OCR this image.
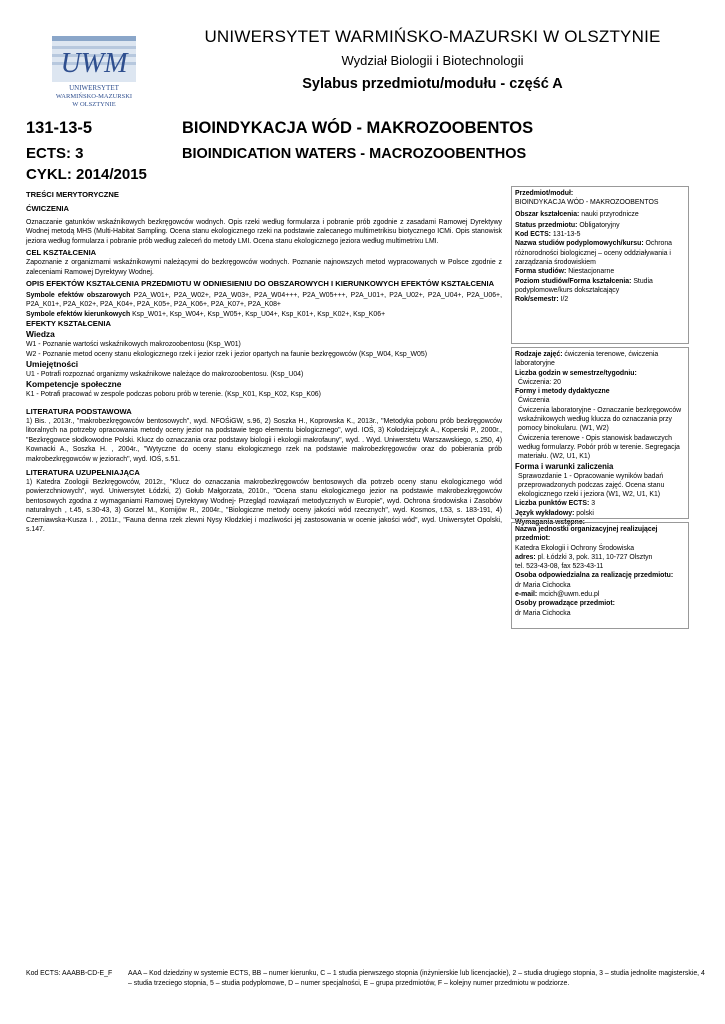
UWM
UNIWERSYTET
WARMIŃSKO-MAZURSKI
W OLSZTYNIE
UNIWERSYTET WARMIŃSKO-MAZURSKI W OLSZTYNIE
Wydział Biologii i Biotechnologii
Sylabus przedmiotu/modułu - część A
131-13-5
ECTS: 3
CYKL: 2014/2015
BIOINDYKACJA WÓD - MAKROZOOBENTOS
BIOINDICATION WATERS - MACROZOOBENTHOS
TREŚCI MERYTORYCZNE
ĆWICZENIA

Oznaczanie gatunków wskaźnikowych bezkręgowców wodnych. Opis rzeki według formularza i pobranie prób zgodnie z zasadami Ramowej Dyrektywy Wodnej metodą MHS (Multi-Habitat Sampling. Ocena stanu ekologicznego rzeki na podstawie zalecanego multimetrikisu biotycznego ICMi. Opis stanowisk jeziora według formularza i pobranie prób według zaleceń do metody LMI. Ocena stanu ekologicznego jeziora według multimetrixu LMI.

CEL KSZTAŁCENIA

Zapoznanie z organizmami wskaźnikowymi należącymi do bezkręgowców wodnych. Poznanie najnowszych metod wypracowanych w Polsce zgodnie z zaleceniami Ramowej Dyrektywy Wodnej.

OPIS EFEKTÓW KSZTAŁCENIA PRZEDMIOTU W ODNIESIENIU DO OBSZAROWYCH I KIERUNKOWYCH EFEKTÓW KSZTAŁCENIA

Symbole efektów obszarowych P2A_W01+, P2A_W02+, P2A_W03+, P2A_W04+++, P2A_W05+++, P2A_U01+, P2A_U02+, P2A_U04+, P2A_U06+, P2A_K01+, P2A_K02+, P2A_K04+, P2A_K05+, P2A_K06+, P2A_K07+, P2A_K08+

Symbole efektów kierunkowych Ksp_W01+, Ksp_W04+, Ksp_W05+, Ksp_U04+, Ksp_K01+, Ksp_K02+, Ksp_K06+

EFEKTY KSZTAŁCENIA
Wiedza

W1 - Poznanie wartości wskaźnikowych makrozoobentosu (Ksp_W01)

W2 - Poznanie metod oceny stanu ekologicznego rzek i jezior rzek i jezior opartych na faunie bezkręgowców (Ksp_W04, Ksp_W05)

Umiejętności

U1 - Potrafi rozpoznać organizmy wskaźnikowe należące do makrozoobentosu. (Ksp_U04)

Kompetencje społeczne

K1 - Potrafi pracować w zespole podczas poboru prób w terenie. (Ksp_K01, Ksp_K02, Ksp_K06)

LITERATURA PODSTAWOWA

1) Bis. , 2013r., "makrobezkręgowców bentosowych", wyd. NFOŚiGW, s.96, 2) Soszka H., Koprowska K., 2013r., "Metodyka poboru prób bezkręgowców litoralnych na potrzeby opracowania metody oceny jezior na podstawie tego elementu biologicznego", wyd. IOŚ, 3) Kołodziejczyk A., Koperski P., 2000r., "Bezkręgowce słodkowodne Polski. Klucz do oznaczania oraz podstawy biologii i ekologii makrofauny", wyd. . Wyd. Uniwerstetu Warszawskiego, s.250, 4) Kownacki A., Soszka H. , 2004r., "Wytyczne do oceny stanu ekologicznego rzek na podstawie makrobezkręgowców oraz do pobierania prób makrobezkręgowców w jeziorach", wyd. IOŚ, s.51.

LITERATURA UZUPEŁNIAJĄCA

1) Katedra Zoologii Bezkręgowców, 2012r., "Klucz do oznaczania makrobezkręgowców bentosowych dla potrzeb oceny stanu ekologicznego wód powierzchniowych", wyd. Uniwersytet Łódzki, 2) Gołub Małgorzata, 2010r., "Ocena stanu ekologicznego jezior na podstawie makrobezkręgowców bentosowych zgodna z wymaganiami Ramowej Dyrektywy Wodnej- Przegląd rozwiązań metodycznych w Europie", wyd. Ochrona środowiska i Zasobów naturalnych , t.45, s.30-43, 3) Gorzel M., Kornijów R., 2004r., "Biologiczne metody oceny jakości wód rzecznych", wyd. Kosmos, t.53, s. 183-191, 4) Czerniawska-Kusza I. , 2011r., "Fauna denna rzek zlewni Nysy Kłodzkiej i mozliwości jej zastosowania w ocenie jakości wód", wyd. Uniwersytet Opolski, s.147.

Przedmiot/moduł:
BIOINDYKACJA WÓD - MAKROZOOBENTOS
Obszar kształcenia: nauki przyrodnicze
Status przedmiotu: Obligatoryjny
Kod ECTS: 131-13-5
Nazwa studiów podyplomowych/kursu: Ochrona różnorodności biologicznej – oceny oddziaływania i zarządzania środowiskiem
Forma studiów: Niestacjonarne
Poziom studiów/Forma kształcenia: Studia podyplomowe/kurs dokształcający
Rok/semestr: I/2
Rodzaje zajęć: ćwiczenia terenowe, ćwiczenia laboratoryjne
Liczba godzin w semestrze/tygodniu:
Ćwiczenia: 20
Formy i metody dydaktyczne
Ćwiczenia
Ćwiczenia laboratoryjne - Oznaczanie bezkręgowców wskaźnikowych według klucza do oznaczania przy pomocy binokularu. (W1, W2)
Ćwiczenia terenowe - Opis stanowisk badawczych według formularzy. Pobór prób w terenie. Segregacja materiału. (W2, U1, K1)
Forma i warunki zaliczenia
Sprawozdanie 1 - Opracowanie wyników badań przeprowadzonych podczas zajęć. Ocena stanu ekologicznego rzeki i jeziora (W1, W2, U1, K1)
Liczba punktów ECTS: 3
Język wykładowy: polski
Wymagania wstępne:
Nazwa jednostki organizacyjnej realizującej przedmiot:
Katedra Ekologii i Ochrony Środowiska
adres: pl. Łódzki 3, pok. 311, 10-727 Olsztyn
tel. 523-43-08, fax 523-43-11
Osoba odpowiedzialna za realizację przedmiotu:
dr Maria Cichocka
e-mail: mcich@uwm.edu.pl
Osoby prowadzące przedmiot:
dr Maria Cichocka
Kod ECTS: AAABB-CD-E_F AAA – Kod dziedziny w systemie ECTS, BB – numer kierunku, C – 1 studia pierwszego stopnia (inżynierskie lub licencjackie), 2 – studia drugiego stopnia, 3 – studia jednolite magisterskie, 4 – studia trzeciego stopnia, 5 – studia podyplomowe, D – numer specjalności, E – grupa przedmiotów, F – kolejny numer przedmiotu w podziorze.
